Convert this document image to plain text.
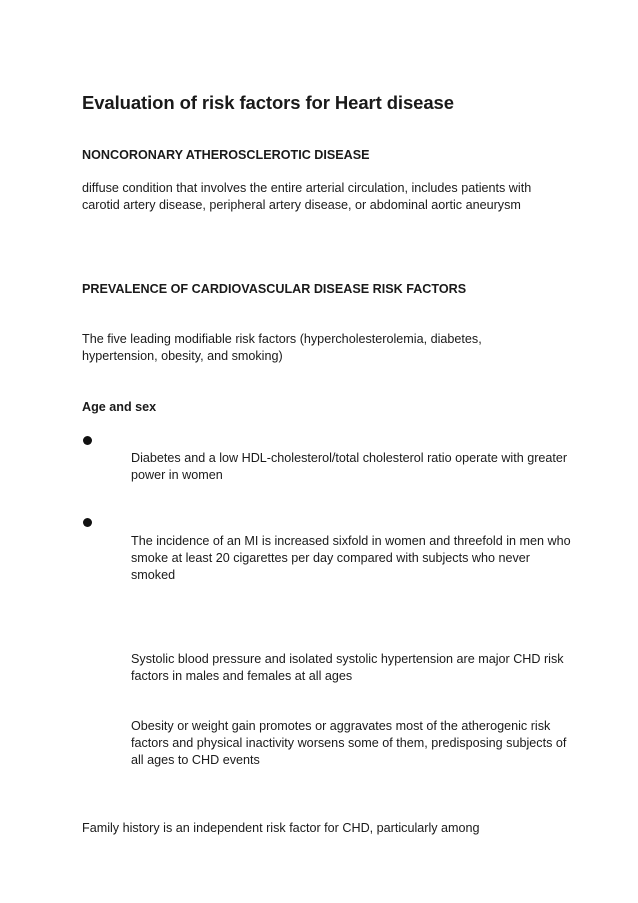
Evaluation of risk factors for Heart disease
NONCORONARY ATHEROSCLEROTIC DISEASE

diffuse condition that involves the entire arterial circulation, includes patients with carotid artery disease, peripheral artery disease, or abdominal aortic aneurysm

PREVALENCE OF CARDIOVASCULAR DISEASE RISK FACTORS

The five leading modifiable risk factors (hypercholesterolemia, diabetes, hypertension, obesity, and smoking)

Age and sex

Diabetes and a low HDL-cholesterol/total cholesterol ratio operate with greater power in women

The incidence of an MI is increased sixfold in women and threefold in men who smoke at least 20 cigarettes per day compared with subjects who never smoked

Systolic blood pressure and isolated systolic hypertension are major CHD risk factors in males and females at all ages

Obesity or weight gain promotes or aggravates most of the atherogenic risk factors and physical inactivity worsens some of them, predisposing subjects of all ages to CHD events

Family history is an independent risk factor for CHD, particularly among
